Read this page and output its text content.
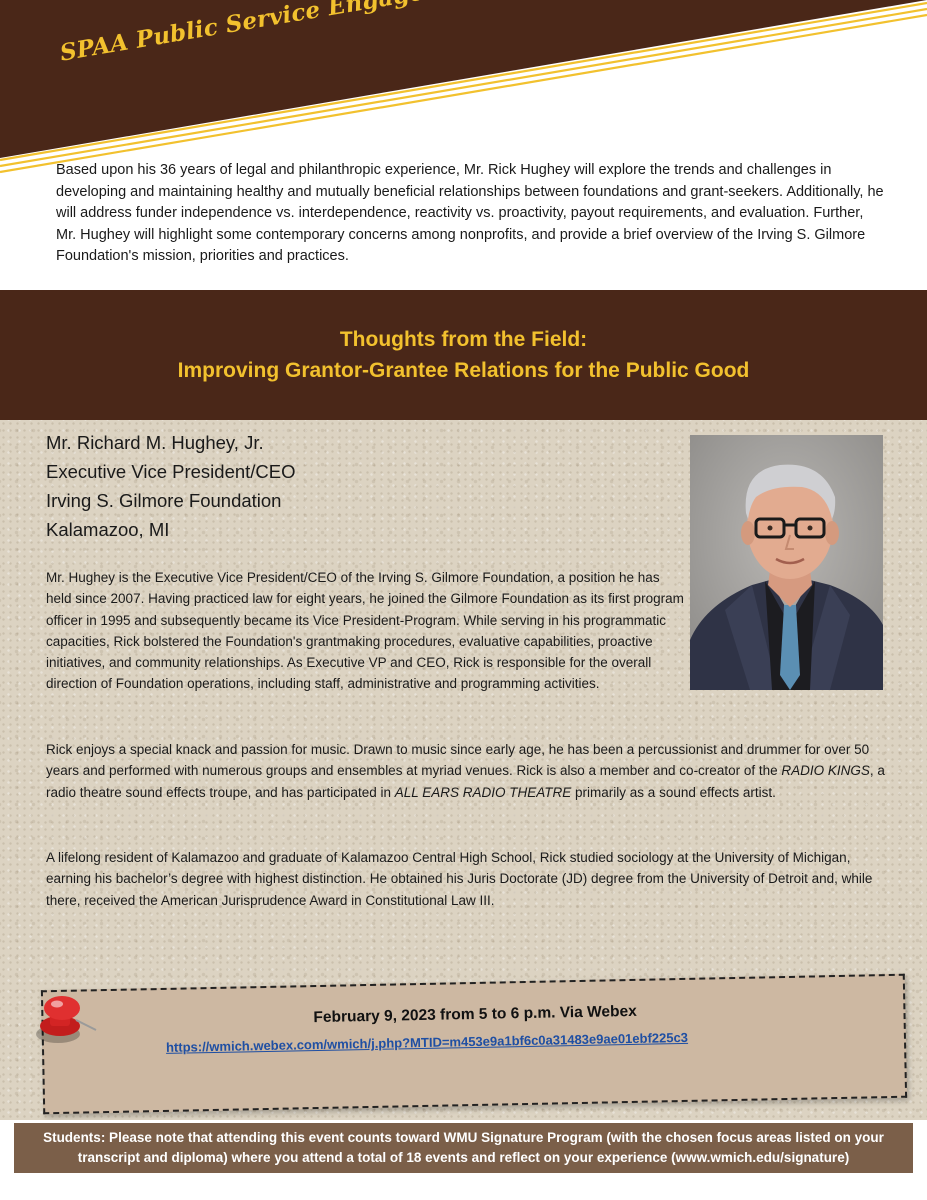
Based upon his 36 years of legal and philanthropic experience, Mr. Rick Hughey will explore the trends and challenges in developing and maintaining healthy and mutually beneficial relationships between foundations and grant-seekers. Additionally, he will address funder independence vs. interdependence, reactivity vs. proactivity, payout requirements, and evaluation. Further, Mr. Hughey will highlight some contemporary concerns among nonprofits, and provide a brief overview of the Irving S. Gilmore Foundation's mission, priorities and practices.

Thoughts from the Field:
Improving Grantor-Grantee Relations for the Public Good
Mr. Richard M. Hughey, Jr.
Executive Vice President/CEO
Irving S. Gilmore Foundation
Kalamazoo, MI

Mr. Hughey is the Executive Vice President/CEO of the Irving S. Gilmore Foundation, a position he has held since 2007. Having practiced law for eight years, he joined the Gilmore Foundation as its first program officer in 1995 and subsequently became its Vice President-Program. While serving in his programmatic capacities, Rick bolstered the Foundation's grantmaking procedures, evaluative capabilities, proactive initiatives, and community relationships. As Executive VP and CEO, Rick is responsible for the overall direction of Foundation operations, including staff, administrative and programming activities.

Rick enjoys a special knack and passion for music. Drawn to music since early age, he has been a percussionist and drummer for over 50 years and performed with numerous groups and ensembles at myriad venues. Rick is also a member and co-creator of the RADIO KINGS, a radio theatre sound effects troupe, and has participated in ALL EARS RADIO THEATRE primarily as a sound effects artist.

A lifelong resident of Kalamazoo and graduate of Kalamazoo Central High School, Rick studied sociology at the University of Michigan, earning his bachelor’s degree with highest distinction. He obtained his Juris Doctorate (JD) degree from the University of Detroit and, while there, received the American Jurisprudence Award in Constitutional Law III.

February 9, 2023 from 5 to 6 p.m. Via Webex
https://wmich.webex.com/wmich/j.php?MTID=m453e9a1bf6c0a31483e9ae01ebf225c3
Students: Please note that attending this event counts toward WMU Signature Program (with the chosen focus areas listed on your transcript and diploma) where you attend a total of 18 events and reflect on your experience (www.wmich.edu/signature)
